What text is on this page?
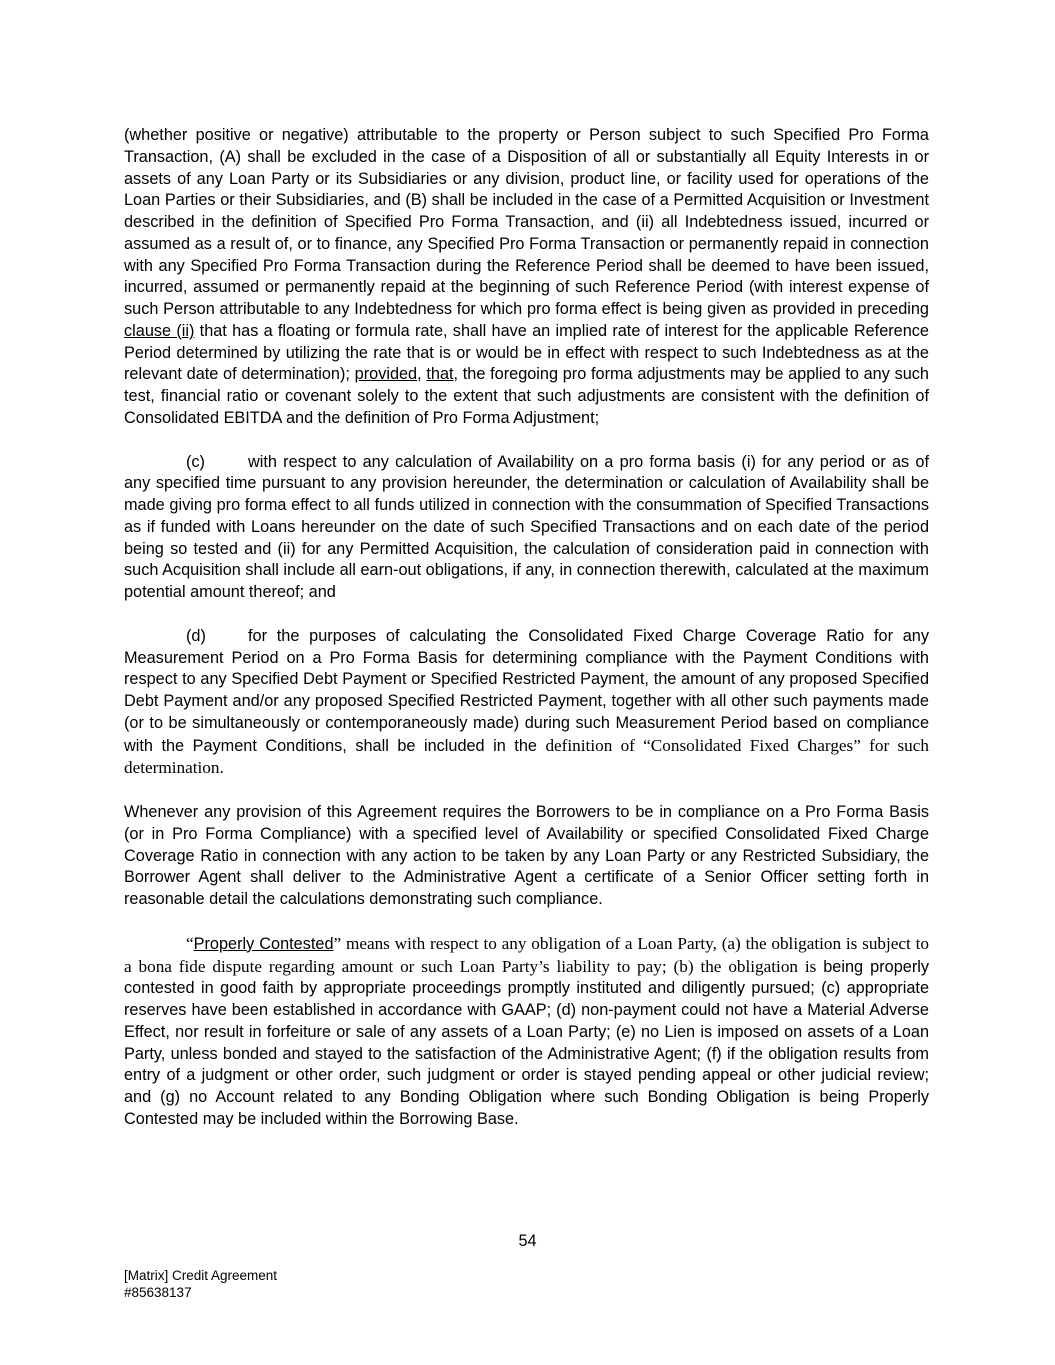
(whether positive or negative) attributable to the property or Person subject to such Specified Pro Forma Transaction, (A) shall be excluded in the case of a Disposition of all or substantially all Equity Interests in or assets of any Loan Party or its Subsidiaries or any division, product line, or facility used for operations of the Loan Parties or their Subsidiaries, and (B) shall be included in the case of a Permitted Acquisition or Investment described in the definition of Specified Pro Forma Transaction, and (ii) all Indebtedness issued, incurred or assumed as a result of, or to finance, any Specified Pro Forma Transaction or permanently repaid in connection with any Specified Pro Forma Transaction during the Reference Period shall be deemed to have been issued, incurred, assumed or permanently repaid at the beginning of such Reference Period (with interest expense of such Person attributable to any Indebtedness for which pro forma effect is being given as provided in preceding clause (ii) that has a floating or formula rate, shall have an implied rate of interest for the applicable Reference Period determined by utilizing the rate that is or would be in effect with respect to such Indebtedness as at the relevant date of determination); provided, that, the foregoing pro forma adjustments may be applied to any such test, financial ratio or covenant solely to the extent that such adjustments are consistent with the definition of Consolidated EBITDA and the definition of Pro Forma Adjustment;

(c)	with respect to any calculation of Availability on a pro forma basis (i) for any period or as of any specified time pursuant to any provision hereunder, the determination or calculation of Availability shall be made giving pro forma effect to all funds utilized in connection with the consummation of Specified Transactions as if funded with Loans hereunder on the date of such Specified Transactions and on each date of the period being so tested and (ii) for any Permitted Acquisition, the calculation of consideration paid in connection with such Acquisition shall include all earn-out obligations, if any, in connection therewith, calculated at the maximum potential amount thereof; and

(d)	for the purposes of calculating the Consolidated Fixed Charge Coverage Ratio for any Measurement Period on a Pro Forma Basis for determining compliance with the Payment Conditions with respect to any Specified Debt Payment or Specified Restricted Payment, the amount of any proposed Specified Debt Payment and/or any proposed Specified Restricted Payment, together with all other such payments made (or to be simultaneously or contemporaneously made) during such Measurement Period based on compliance with the Payment Conditions, shall be included in the definition of “Consolidated Fixed Charges” for such determination.

Whenever any provision of this Agreement requires the Borrowers to be in compliance on a Pro Forma Basis (or in Pro Forma Compliance) with a specified level of Availability or specified Consolidated Fixed Charge Coverage Ratio in connection with any action to be taken by any Loan Party or any Restricted Subsidiary, the Borrower Agent shall deliver to the Administrative Agent a certificate of a Senior Officer setting forth in reasonable detail the calculations demonstrating such compliance.

“Properly Contested” means with respect to any obligation of a Loan Party, (a) the obligation is subject to a bona fide dispute regarding amount or such Loan Party’s liability to pay; (b) the obligation is being properly contested in good faith by appropriate proceedings promptly instituted and diligently pursued; (c) appropriate reserves have been established in accordance with GAAP; (d) non-payment could not have a Material Adverse Effect, nor result in forfeiture or sale of any assets of a Loan Party; (e) no Lien is imposed on assets of a Loan Party, unless bonded and stayed to the satisfaction of the Administrative Agent; (f) if the obligation results from entry of a judgment or other order, such judgment or order is stayed pending appeal or other judicial review; and (g) no Account related to any Bonding Obligation where such Bonding Obligation is being Properly Contested may be included within the Borrowing Base.

54
[Matrix] Credit Agreement
#85638137
